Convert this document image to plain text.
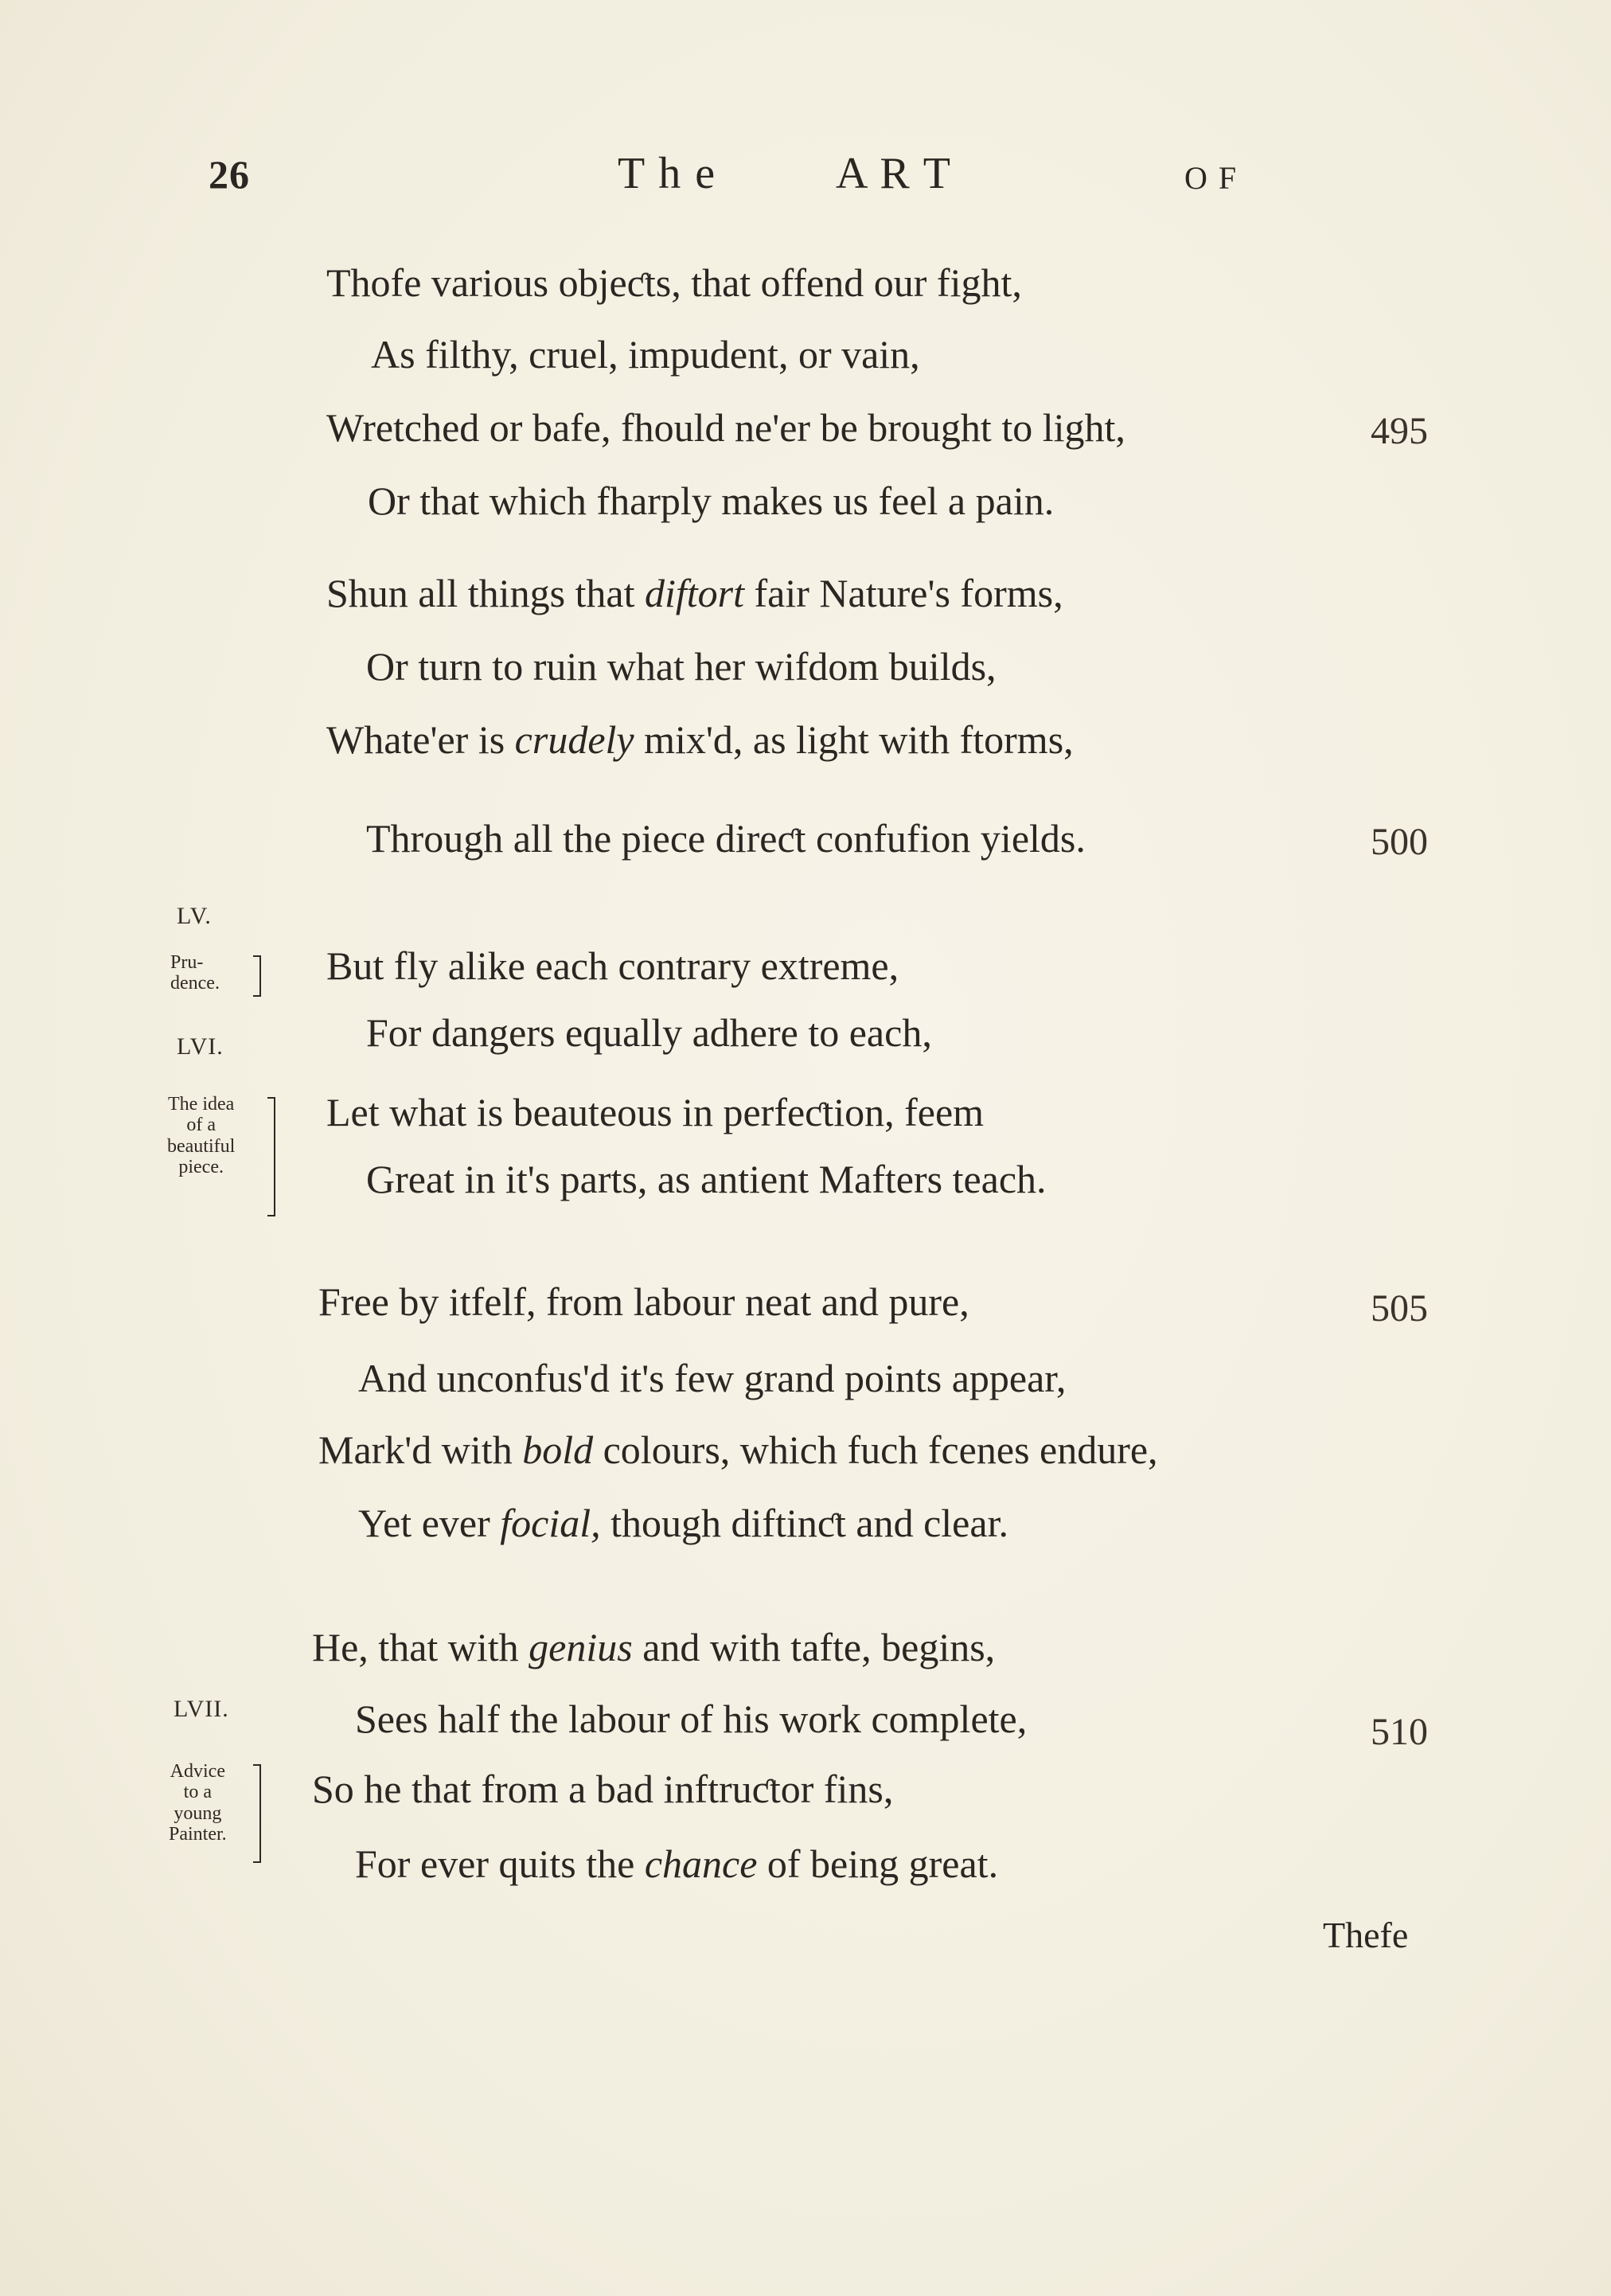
26	T h e	A R T	O F
Thofe various objeƈts, that offend our fight,
As filthy, cruel, impudent, or vain,
Wretched or bafe, fhould ne'er be brought to light,
Or that which fharply makes us feel a pain.
495
Shun all things that diftort fair Nature's forms,
Or turn to ruin what her wifdom builds,
Whate'er is crudely mix'd, as light with ftorms,
Through all the piece direƈt confufion yields.	500
LV.
Pru-
dence.	But fly alike each contrary extreme,
For dangers equally adhere to each,
Let what is beauteous in perfeƈtion, feem
Great in it's parts, as antient Mafters teach.
LVI.
The idea
of a
beautiful
piece.
Free by itfelf, from labour neat and pure,
And unconfus'd it's few grand points appear,
Mark'd with bold colours, which fuch fcenes endure,
Yet ever focial, though diftinƈt and clear.
505
He, that with genius and with tafte, begins,
Sees half the labour of his work complete,
So he that from a bad inftruƈtor fins,
For ever quits the chance of being great.
510
LVII.
Advice
to a
young
Painter.
Thefe
